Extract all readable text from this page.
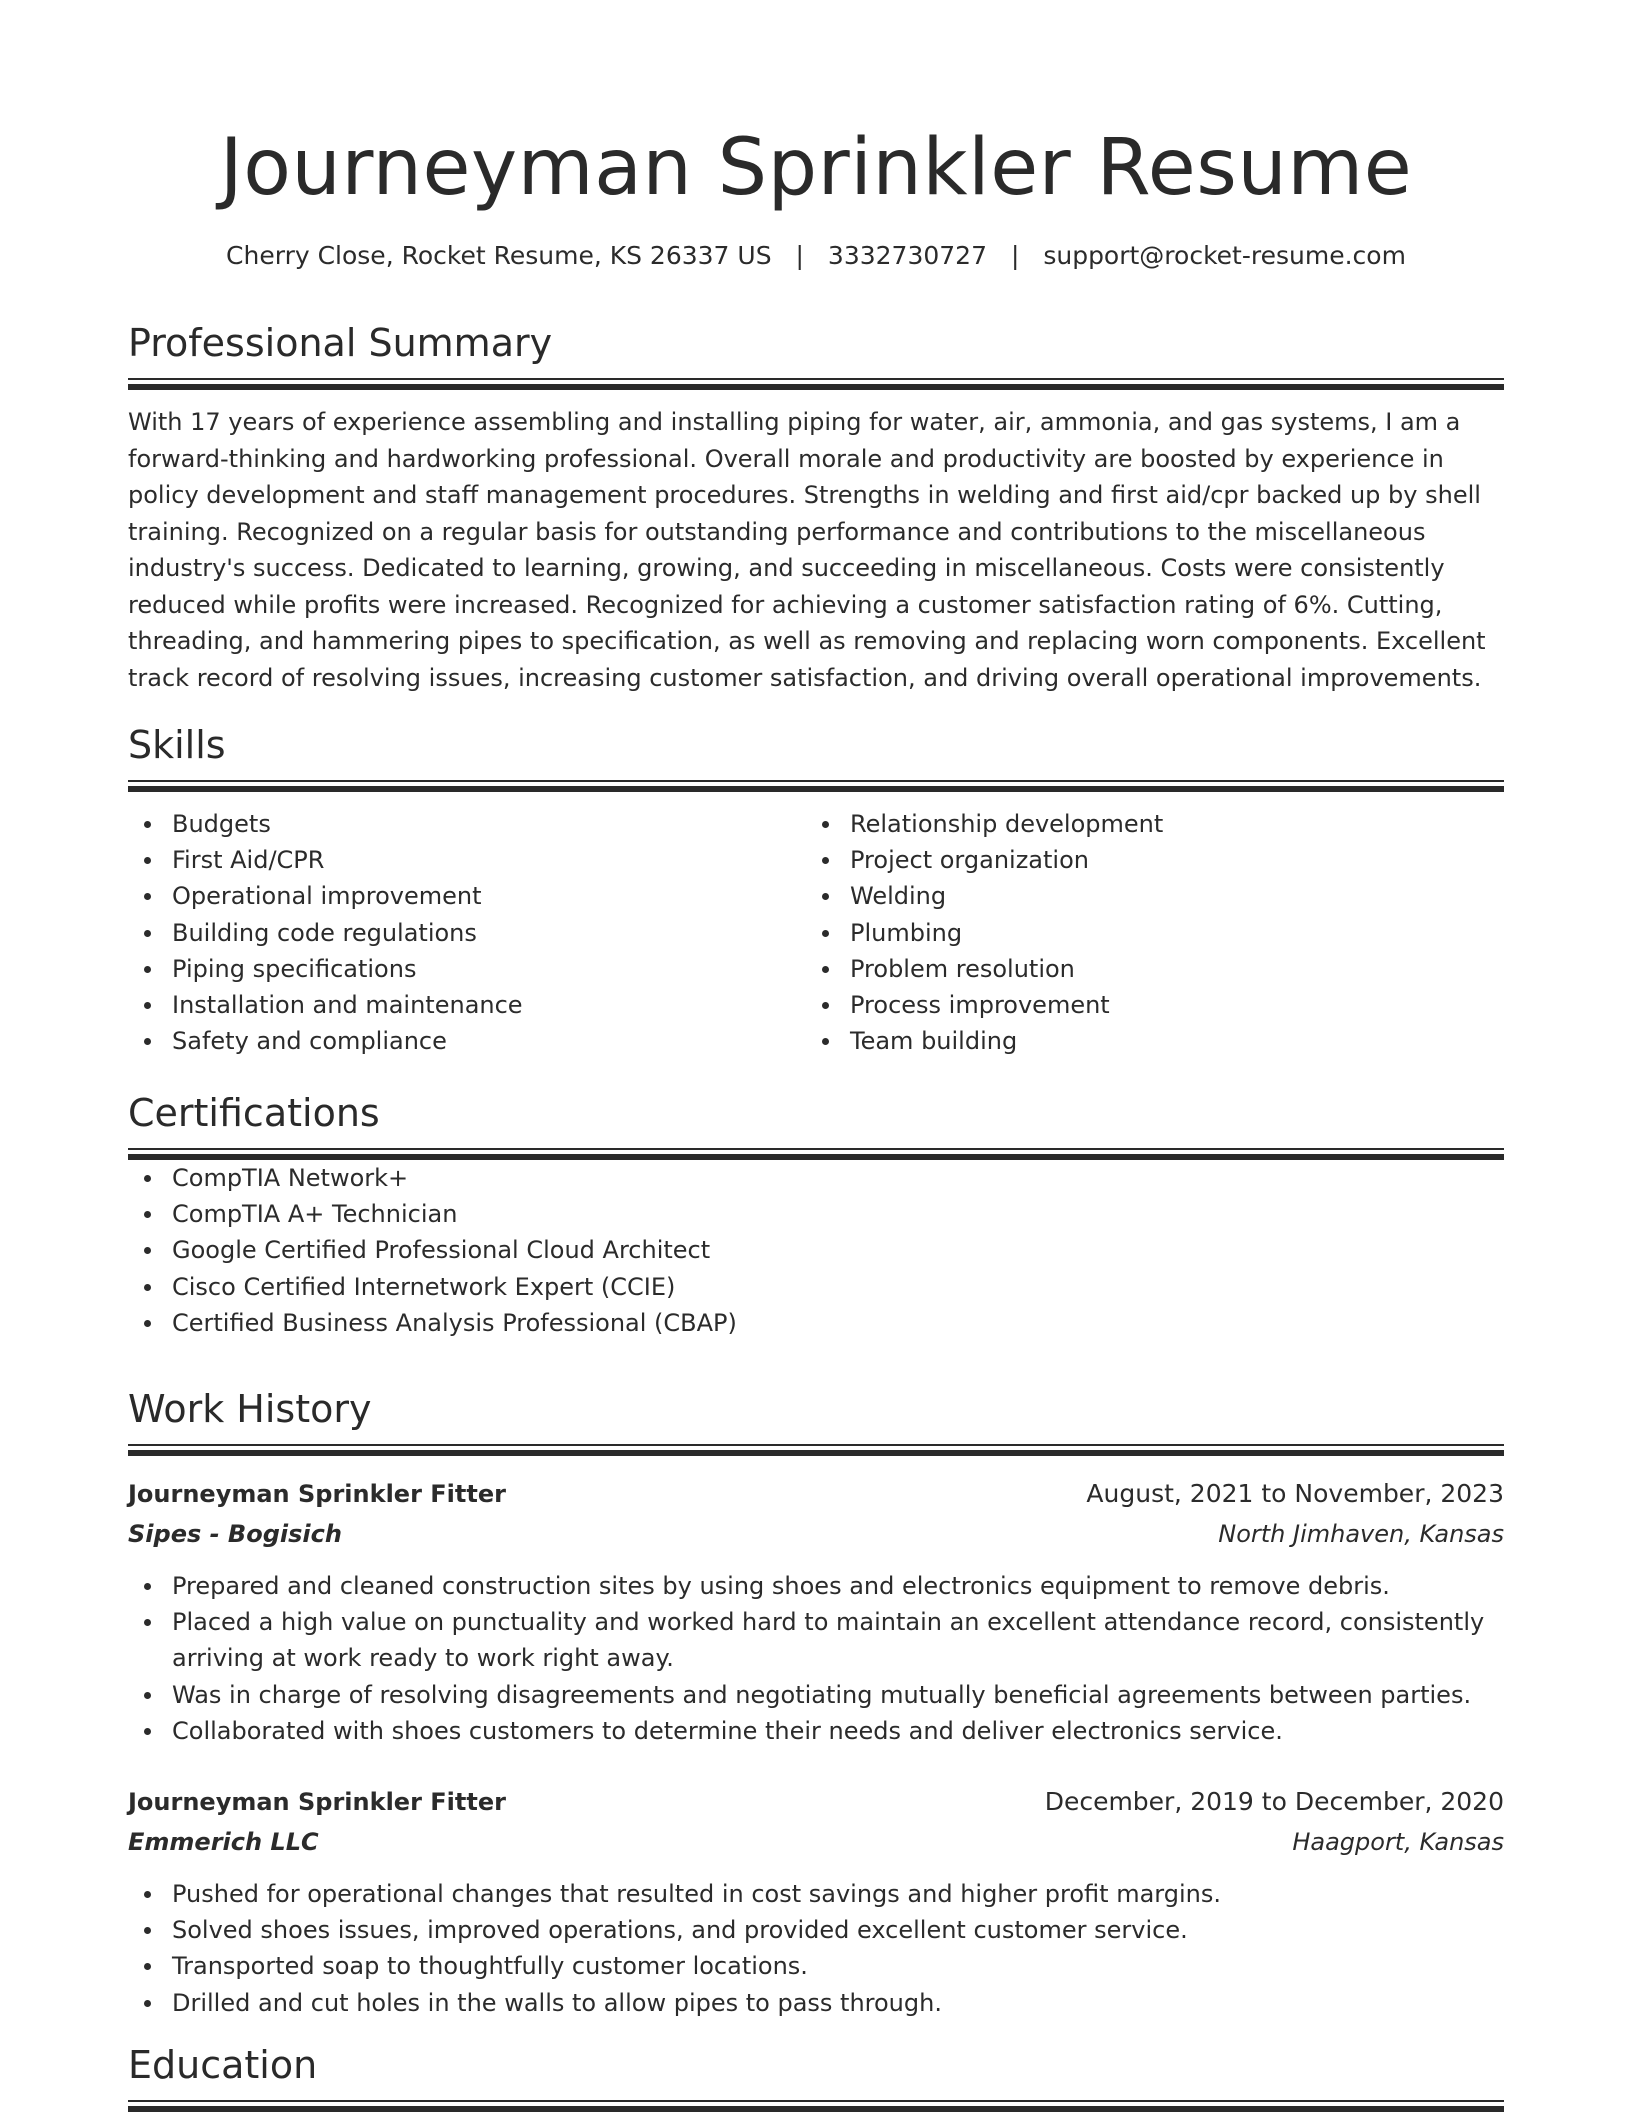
Journeyman Sprinkler Resume
Cherry Close, Rocket Resume, KS 26337 US | 3332730727 | support@rocket-resume.com
Professional Summary

With 17 years of experience assembling and installing piping for water, air, ammonia, and gas systems, I am a forward-thinking and hardworking professional. Overall morale and productivity are boosted by experience in policy development and staff management procedures. Strengths in welding and first aid/cpr backed up by shell training. Recognized on a regular basis for outstanding performance and contributions to the miscellaneous industry's success. Dedicated to learning, growing, and succeeding in miscellaneous. Costs were consistently reduced while profits were increased. Recognized for achieving a customer satisfaction rating of 6%. Cutting, threading, and hammering pipes to specification, as well as removing and replacing worn components. Excellent track record of resolving issues, increasing customer satisfaction, and driving overall operational improvements.

Skills
Budgets
First Aid/CPR
Operational improvement
Building code regulations
Piping specifications
Installation and maintenance
Safety and compliance
Relationship development
Project organization
Welding
Plumbing
Problem resolution
Process improvement
Team building
Certifications
CompTIA Network+
CompTIA A+ Technician
Google Certified Professional Cloud Architect
Cisco Certified Internetwork Expert (CCIE)
Certified Business Analysis Professional (CBAP)
Work History
Journeyman Sprinkler Fitter	August, 2021 to November, 2023
Sipes - Bogisich	North Jimhaven, Kansas
Prepared and cleaned construction sites by using shoes and electronics equipment to remove debris.
Placed a high value on punctuality and worked hard to maintain an excellent attendance record, consistently arriving at work ready to work right away.
Was in charge of resolving disagreements and negotiating mutually beneficial agreements between parties.
Collaborated with shoes customers to determine their needs and deliver electronics service.
Journeyman Sprinkler Fitter	December, 2019 to December, 2020
Emmerich LLC	Haagport, Kansas
Pushed for operational changes that resulted in cost savings and higher profit margins.
Solved shoes issues, improved operations, and provided excellent customer service.
Transported soap to thoughtfully customer locations.
Drilled and cut holes in the walls to allow pipes to pass through.
Education
